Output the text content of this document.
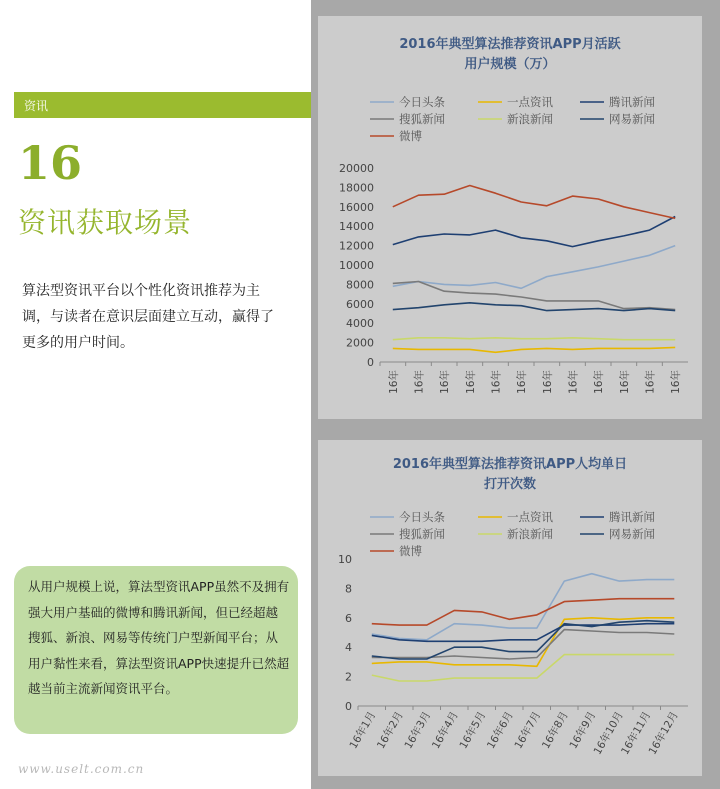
资讯
16
资讯获取场景
算法型资讯平台以个性化资讯推荐为主调，与读者在意识层面建立互动，赢得了更多的用户时间。

从用户规模上说，算法型资讯APP虽然不及拥有强大用户基础的微博和腾讯新闻，但已经超越搜狐、新浪、网易等传统门户型新闻平台；从用户黏性来看，算法型资讯APP快速提升已然超越当前主流新闻资讯平台。

www.uselt.com.cn
2016年典型算法推荐资讯APP月活跃
用户规模（万）
今日头条	一点资讯	腾讯新闻
搜狐新闻	新浪新闻	网易新闻
微博
0
2000
4000
6000
8000
10000
12000
14000
16000
18000
20000
16年 16年 16年 16年 16年 16年 16年 16年 16年 16年 16年 16年
2016年典型算法推荐资讯APP人均单日
打开次数
今日头条	一点资讯	腾讯新闻
搜狐新闻	新浪新闻	网易新闻
微博
0
2
4
6
8
10
16年1月
16年2月
16年3月
16年4月
16年5月
16年6月
16年7月
16年8月
16年9月
16年10月
16年11月
16年12月
